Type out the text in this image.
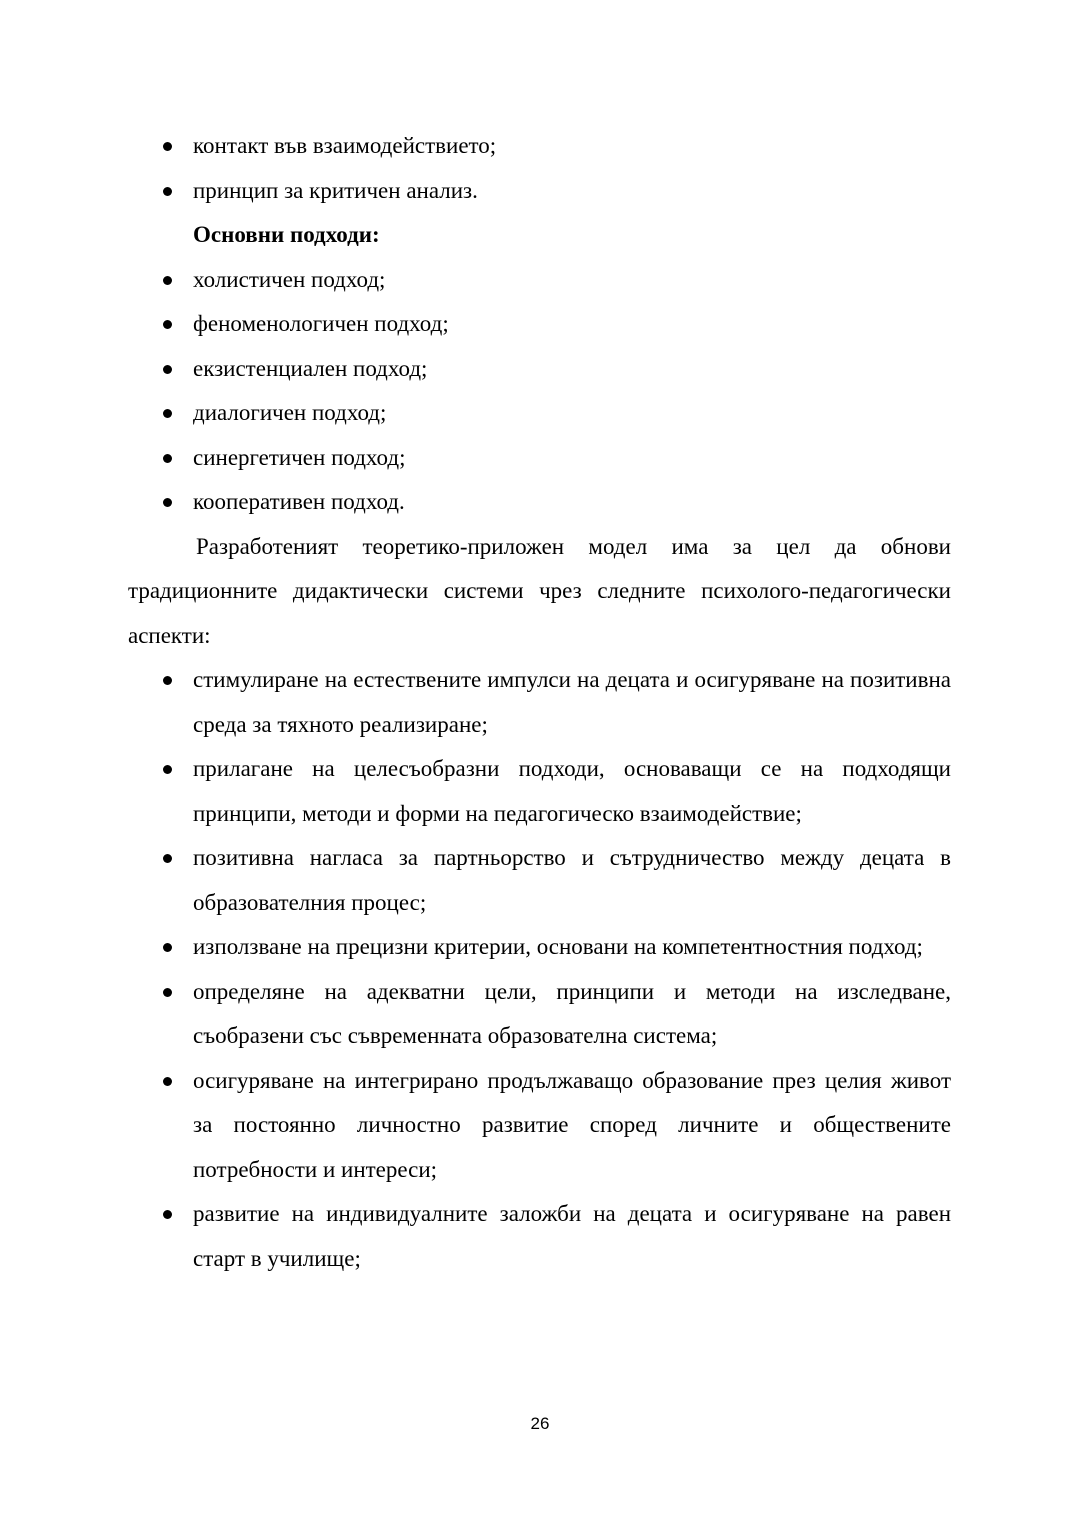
контакт във взаимодействието;
принцип за критичен анализ.
Основни подходи:
холистичен подход;
феноменологичен подход;
екзистенциален подход;
диалогичен подход;
синергетичен подход;
кооперативен подход.

Разработеният теоретико-приложен модел има за цел да обнови традиционните дидактически системи чрез следните психолого-педагогически аспекти:

стимулиране на естествените импулси на децата и осигуряване на позитивна среда за тяхното реализиране;
прилагане на целесъобразни подходи, основаващи се на подходящи принципи, методи и форми на педагогическо взаимодействие;
позитивна нагласа за партньорство и сътрудничество между децата в образователния процес;
използване на прецизни критерии, основани на компетентностния подход;
определяне на адекватни цели, принципи и методи на изследване, съобразени със съвременната образователна система;
осигуряване на интегрирано продължаващо образование през целия живот за постоянно личностно развитие според личните и обществените потребности и интереси;
развитие на индивидуалните заложби на децата и осигуряване на равен старт в училище;
26
